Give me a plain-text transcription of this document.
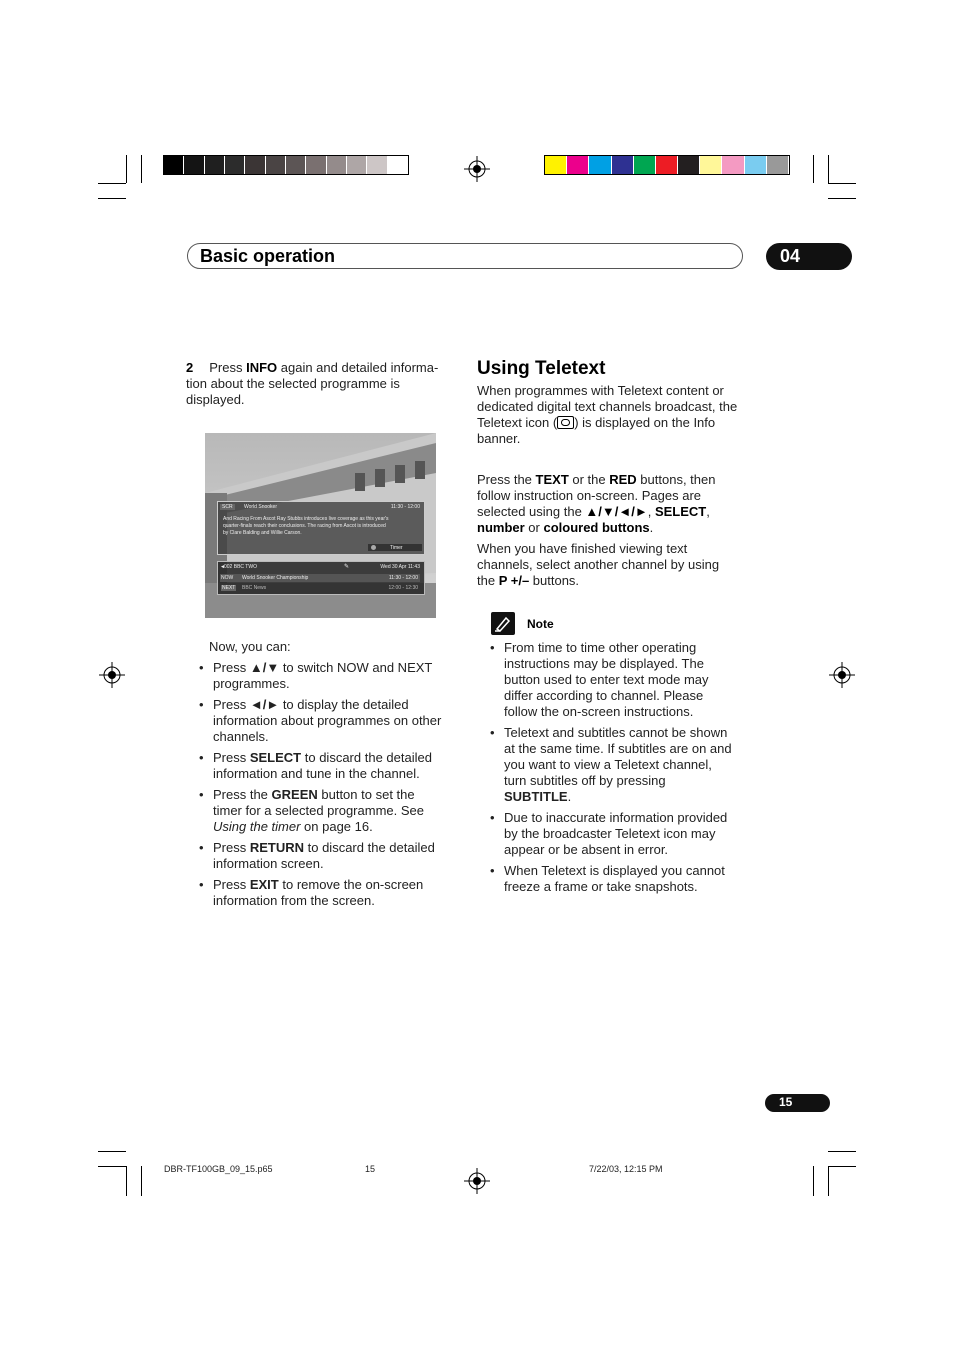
Basic operation	04
2 Press INFO again and detailed informa-
tion about the selected programme is
displayed.
SCR	World Snooker	11:30 - 12:00
And Racing From Ascot Ray Stubbs introduces live coverage as this year's
quarter-finals reach their conclusions. The racing from Ascot is introduced
by Clare Balding and Willie Carson.
Timer
◄ 002 BBC TWO	✎	Wed 30 Apr 11:43
NOW World Snooker Championship	11:30 - 12:00
NEXT BBC News	12:00 - 12:30
Now, you can:
• Press ▲/▼ to switch NOW and NEXT
programmes.
• Press ◄/► to display the detailed
information about programmes on other
channels.
• Press SELECT to discard the detailed
information and tune in the channel.
• Press the GREEN button to set the
timer for a selected programme. See
Using the timer on page 16.
• Press RETURN to discard the detailed
information screen.
• Press EXIT to remove the on-screen
information from the screen.
Using Teletext
When programmes with Teletext content or
dedicated digital text channels broadcast, the
Teletext icon ( ) is displayed on the Info
banner.
Press the TEXT or the RED buttons, then
follow instruction on-screen. Pages are
selected using the ▲/▼/◄/►, SELECT,
number or coloured buttons.
When you have finished viewing text
channels, select another channel by using
the P +/– buttons.
Note
• From time to time other operating
instructions may be displayed. The
button used to enter text mode may
differ according to channel. Please
follow the on-screen instructions.
• Teletext and subtitles cannot be shown
at the same time. If subtitles are on and
you want to view a Teletext channel,
turn subtitles off by pressing
SUBTITLE.
• Due to inaccurate information provided
by the broadcaster Teletext icon may
appear or be absent in error.
• When Teletext is displayed you cannot
freeze a frame or take snapshots.
15
DBR-TF100GB_09_15.p65	15	7/22/03, 12:15 PM
